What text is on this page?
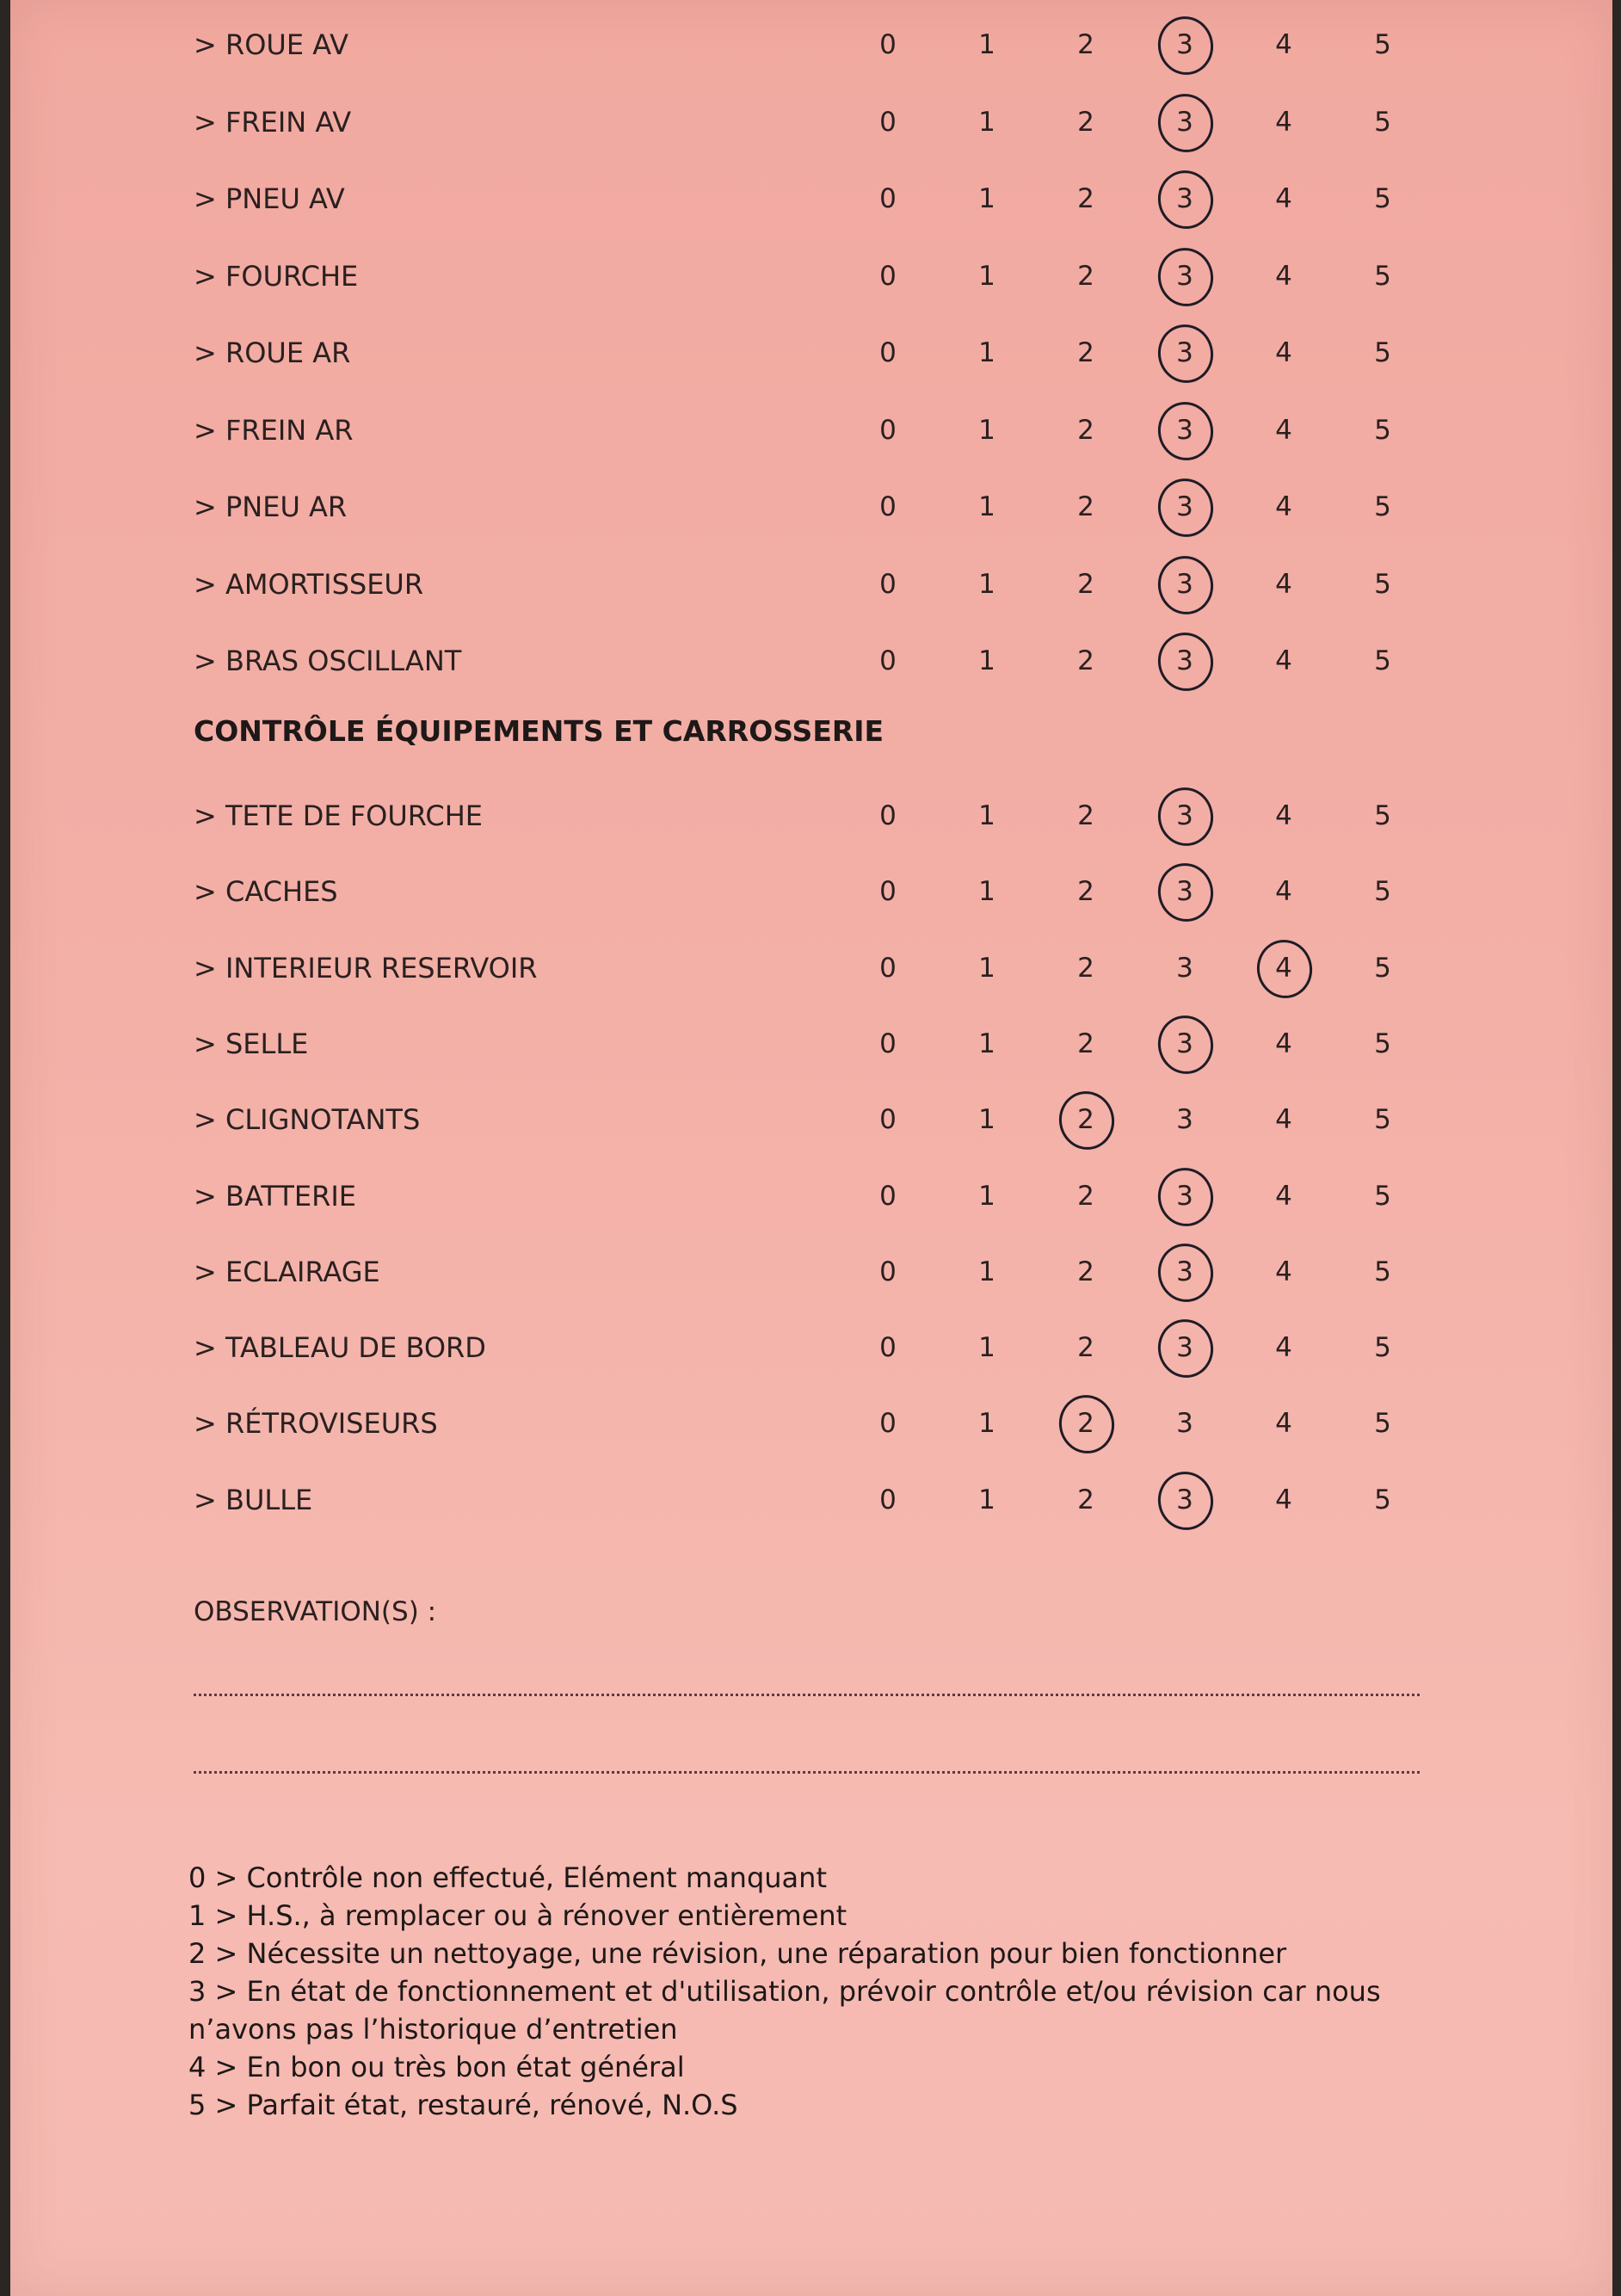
> ROUE AV	0	1	2	3	4	5
> FREIN AV	0	1	2	3	4	5
> PNEU AV	0	1	2	3	4	5
> FOURCHE	0	1	2	3	4	5
> ROUE AR	0	1	2	3	4	5
> FREIN AR	0	1	2	3	4	5
> PNEU AR	0	1	2	3	4	5
> AMORTISSEUR	0	1	2	3	4	5
> BRAS OSCILLANT	0	1	2	3	4	5
CONTRÔLE ÉQUIPEMENTS ET CARROSSERIE
> TETE DE FOURCHE	0	1	2	3	4	5
> CACHES	0	1	2	3	4	5
> INTERIEUR RESERVOIR	0	1	2	3	4	5
> SELLE	0	1	2	3	4	5
> CLIGNOTANTS	0	1	2	3	4	5
> BATTERIE	0	1	2	3	4	5
> ECLAIRAGE	0	1	2	3	4	5
> TABLEAU DE BORD	0	1	2	3	4	5
> RÉTROVISEURS	0	1	2	3	4	5
> BULLE	0	1	2	3	4	5
OBSERVATION(S) :
0 > Contrôle non effectué, Elément manquant
1 > H.S., à remplacer ou à rénover entièrement
2 > Nécessite un nettoyage, une révision, une réparation pour bien fonctionner
3 > En état de fonctionnement et d'utilisation, prévoir contrôle et/ou révision car nous n’avons pas l’historique d’entretien
4 > En bon ou très bon état général
5 > Parfait état, restauré, rénové, N.O.S
